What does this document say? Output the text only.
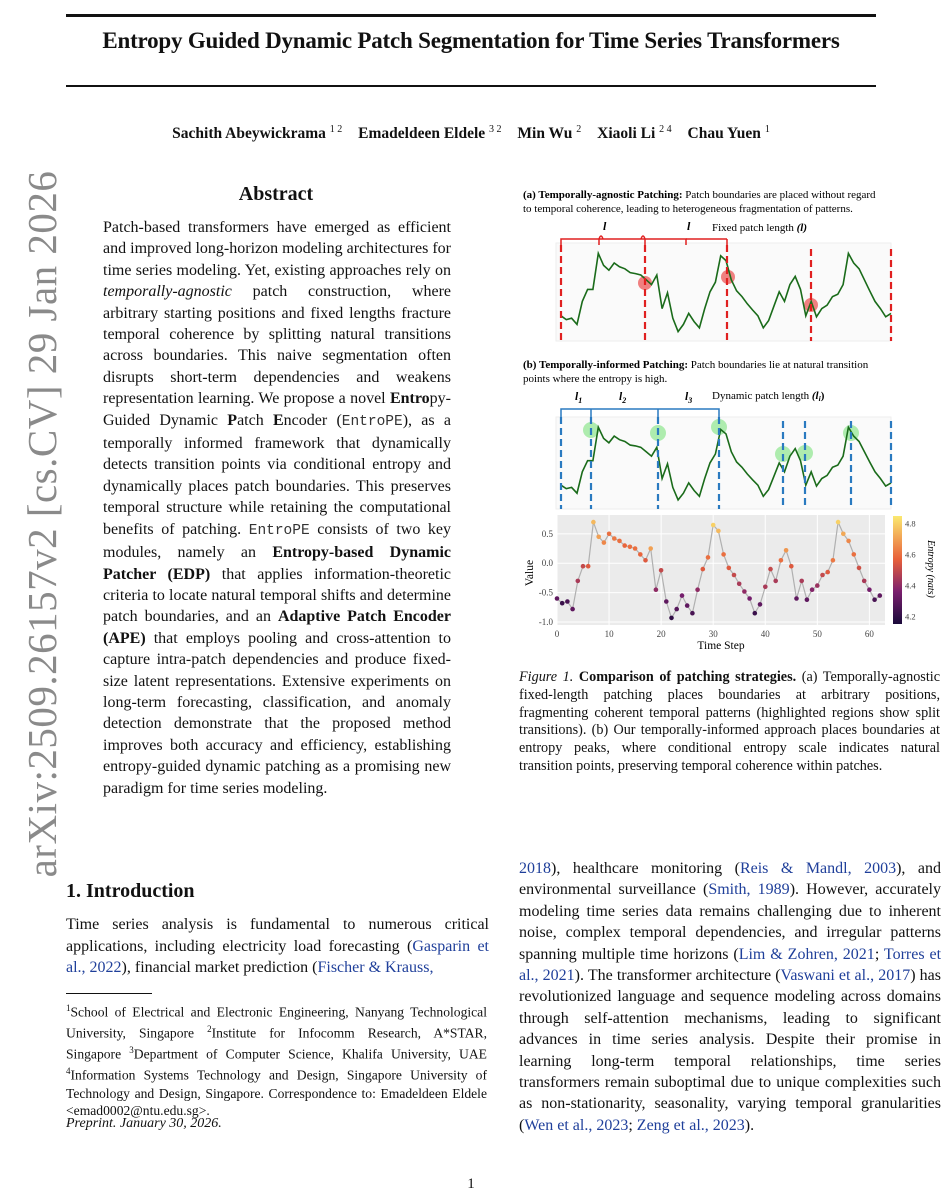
Entropy Guided Dynamic Patch Segmentation for Time Series Transformers
Sachith Abeywickrama $^{1 2}$ Emadeldeen Eldele $^{3 2}$ Min Wu $^2$ Xiaoli Li $^{2 4}$ Chau Yuen $^1$
arXiv:2509.26157v2 [cs.CV] 29 Jan 2026	Abstract
Patch-based transformers have emerged as efficient and improved long-horizon modeling architectures for time series modeling. Yet, existing approaches rely on temporally-agnostic patch construction, where arbitrary starting positions and fixed lengths fracture temporal coherence by splitting natural transitions across boundaries. This naive segmentation often disrupts short-term dependencies and weakens representation learning. We propose a novel Entropy-Guided Dynamic Patch Encoder (EntroPE), as a temporally informed framework that dynamically detects transition points via conditional entropy and dynamically places patch boundaries. This preserves temporal structure while retaining the computational benefits of patching. EntroPE consists of two key modules, namely an Entropy-based Dynamic Patcher (EDP) that applies information-theoretic criteria to locate natural temporal shifts and determine patch boundaries, and an Adaptive Patch Encoder (APE) that employs pooling and cross-attention to capture intra-patch dependencies and produce fixed-size latent representations. Extensive experiments on long-term forecasting, classification, and anomaly detection demonstrate that the proposed method improves both accuracy and efficiency, establishing entropy-guided dynamic patching as a promising new paradigm for time series modeling.
1. Introduction
Time series analysis is fundamental to numerous critical applications, including electricity load forecasting (Gasparin et al., 2022), financial market prediction (Fischer & Krauss,
$^1$School of Electrical and Electronic Engineering, Nanyang Technological University, Singapore $^2$Institute for Infocomm Research, A*STAR, Singapore $^3$Department of Computer Science, Khalifa University, UAE $^4$Information Systems Technology and Design, Singapore University of Technology and Design, Singapore. Correspondence to: Emadeldeen Eldele <emad0002@ntu.edu.sg>.
Preprint. January 30, 2026.
2018), healthcare monitoring (Reis & Mandl, 2003), and environmental surveillance (Smith, 1989). However, accurately modeling time series data remains challenging due to inherent noise, complex temporal dependencies, and irregular patterns spanning multiple time horizons (Lim & Zohren, 2021; Torres et al., 2021). The transformer architecture (Vaswani et al., 2017) has revolutionized language and sequence modeling across domains through self-attention mechanisms, leading to significant advances in time series analysis. Despite their promise in learning long-term temporal relationships, time series transformers remain suboptimal due to unique complexities such as non-stationarity, seasonality, varying temporal granularities (Wen et al., 2023; Zeng et al., 2023).
1
(a) Temporally-agnostic Patching: Patch boundaries are placed without regard
to temporal coherence, leading to heterogeneous fragmentation of patterns.
l	l Fixed patch length (l)
(b) Temporally-informed Patching: Patch boundaries lie at natural transition
points where the entropy is high.
$l_1$	$l_2$	$l_3$ Dynamic patch length (li)
0	10	20	30	40	50	60
0.5
0.0
-0.5
-1.0
Time Step
Value
4.8
4.6
4.4
4.2
Entropy (nats)
Figure 1. Comparison of patching strategies. (a) Temporally-agnostic fixed-length patching places boundaries at arbitrary positions, fragmenting coherent temporal patterns (highlighted regions show split transitions). (b) Our temporally-informed approach places boundaries at entropy peaks, where conditional entropy scale indicates natural transition points, preserving temporal coherence within patches.
